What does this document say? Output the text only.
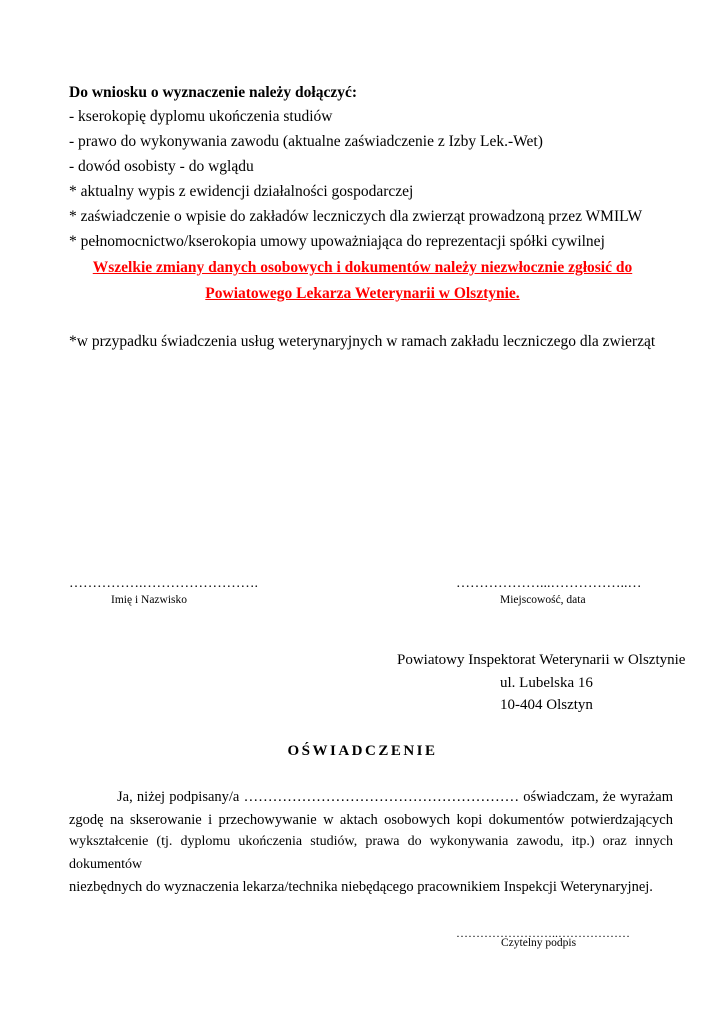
Do wniosku o wyznaczenie należy dołączyć:
- kserokopię dyplomu ukończenia studiów
- prawo do wykonywania zawodu (aktualne zaświadczenie z Izby Lek.-Wet)
- dowód osobisty - do wglądu
* aktualny wypis z ewidencji działalności gospodarczej
* zaświadczenie o wpisie do zakładów leczniczych dla zwierząt prowadzoną przez WMILW
* pełnomocnictwo/kserokopia umowy upoważniająca do reprezentacji spółki cywilnej
Wszelkie zmiany danych osobowych i dokumentów należy niezwłocznie zgłosić do
Powiatowego Lekarza Weterynarii w Olsztynie.
*w przypadku świadczenia usług weterynaryjnych w ramach zakładu leczniczego dla zwierząt
…………….…………………….
Imię i Nazwisko
………………...……………..…
Miejscowość, data
Powiatowy Inspektorat Weterynarii w Olsztynie
ul. Lubelska 16
10-404 Olsztyn
OŚWIADCZENIE
Ja, niżej podpisany/a ………………………………………………… oświadczam, że wyrażam
zgodę na skserowanie i przechowywanie w aktach osobowych kopi dokumentów potwierdzających
wykształcenie (tj. dyplomu ukończenia studiów, prawa do wykonywania zawodu, itp.) oraz innych dokumentów
niezbędnych do wyznaczenia lekarza/technika niebędącego pracownikiem Inspekcji Weterynaryjnej.
……………………..………………
Czytelny podpis
